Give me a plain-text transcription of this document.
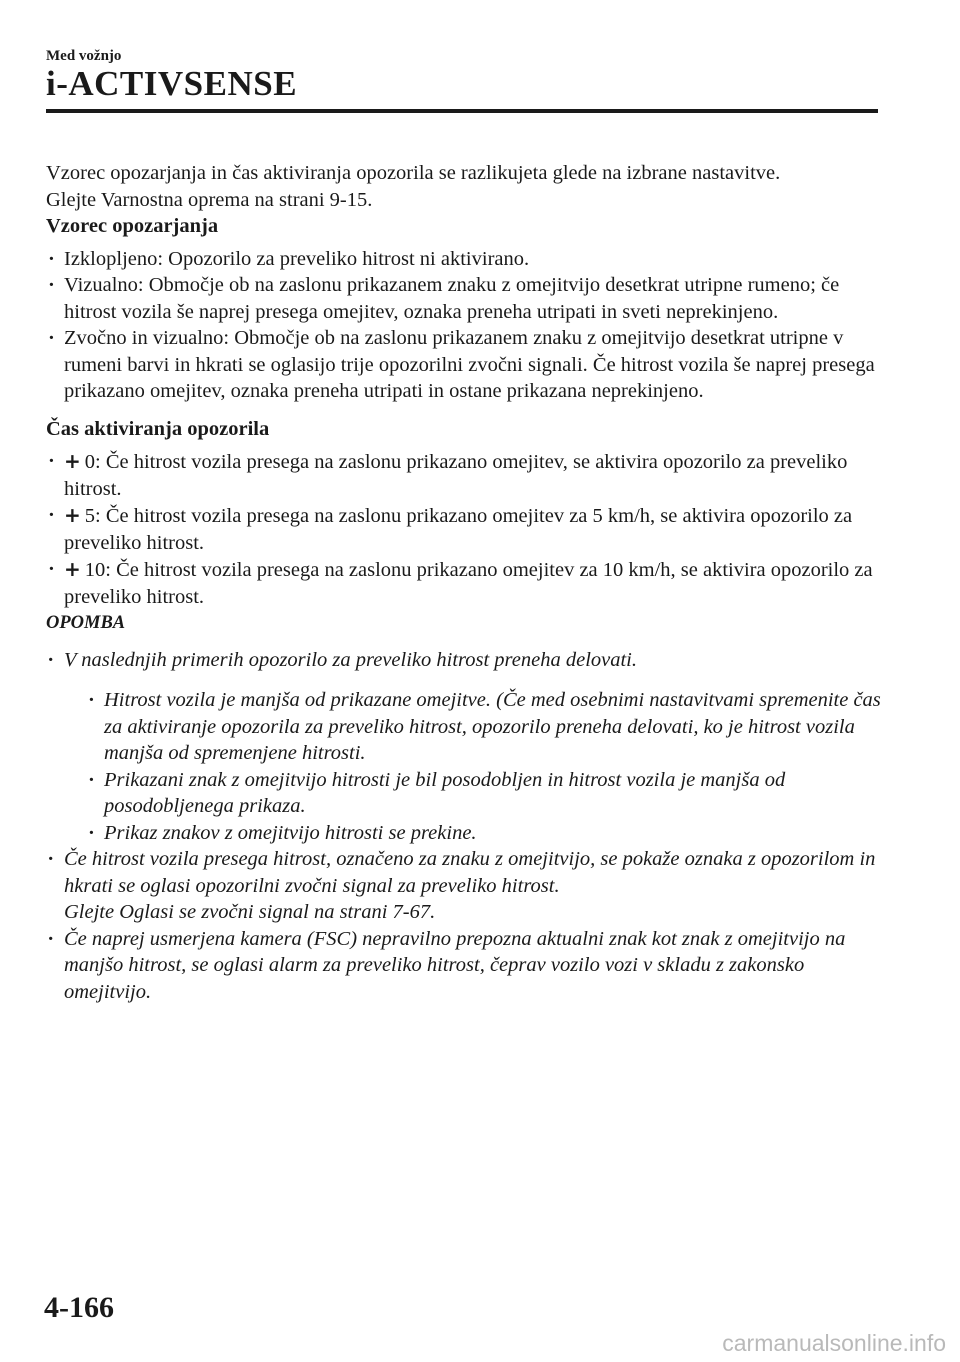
Med vožnjo
i-ACTIVSENSE

Vzorec opozarjanja in čas aktiviranja opozorila se razlikujeta glede na izbrane nastavitve.

Glejte Varnostna oprema na strani 9-15.

Vzorec opozarjanja

· Izklopljeno: Opozorilo za preveliko hitrost ni aktivirano.
· Vizualno: Območje ob na zaslonu prikazanem znaku z omejitvijo desetkrat utripne rumeno; če hitrost vozila še naprej presega omejitev, oznaka preneha utripati in sveti neprekinjeno.
· Zvočno in vizualno: Območje ob na zaslonu prikazanem znaku z omejitvijo desetkrat utripne v rumeni barvi in hkrati se oglasijo trije opozorilni zvočni signali. Če hitrost vozila še naprej presega prikazano omejitev, oznaka preneha utripati in ostane prikazana neprekinjeno.

Čas aktiviranja opozorila

· + 0: Če hitrost vozila presega na zaslonu prikazano omejitev, se aktivira opozorilo za preveliko hitrost.
· + 5: Če hitrost vozila presega na zaslonu prikazano omejitev za 5 km/h, se aktivira opozorilo za preveliko hitrost.
· + 10: Če hitrost vozila presega na zaslonu prikazano omejitev za 10 km/h, se aktivira opozorilo za preveliko hitrost.

OPOMBA

· V naslednjih primerih opozorilo za preveliko hitrost preneha delovati.
· Hitrost vozila je manjša od prikazane omejitve. (Če med osebnimi nastavitvami spremenite čas za aktiviranje opozorila za preveliko hitrost, opozorilo preneha delovati, ko je hitrost vozila manjša od spremenjene hitrosti.
· Prikazani znak z omejitvijo hitrosti je bil posodobljen in hitrost vozila je manjša od posodobljenega prikaza.
· Prikaz znakov z omejitvijo hitrosti se prekine.
· Če hitrost vozila presega hitrost, označeno za znaku z omejitvijo, se pokaže oznaka z opozorilom in hkrati se oglasi opozorilni zvočni signal za preveliko hitrost.
Glejte Oglasi se zvočni signal na strani 7-67.
· Če naprej usmerjena kamera (FSC) nepravilno prepozna aktualni znak kot znak z omejitvijo na manjšo hitrost, se oglasi alarm za preveliko hitrost, čeprav vozilo vozi v skladu z zakonsko omejitvijo.
4-166
carmanualsonline.info
